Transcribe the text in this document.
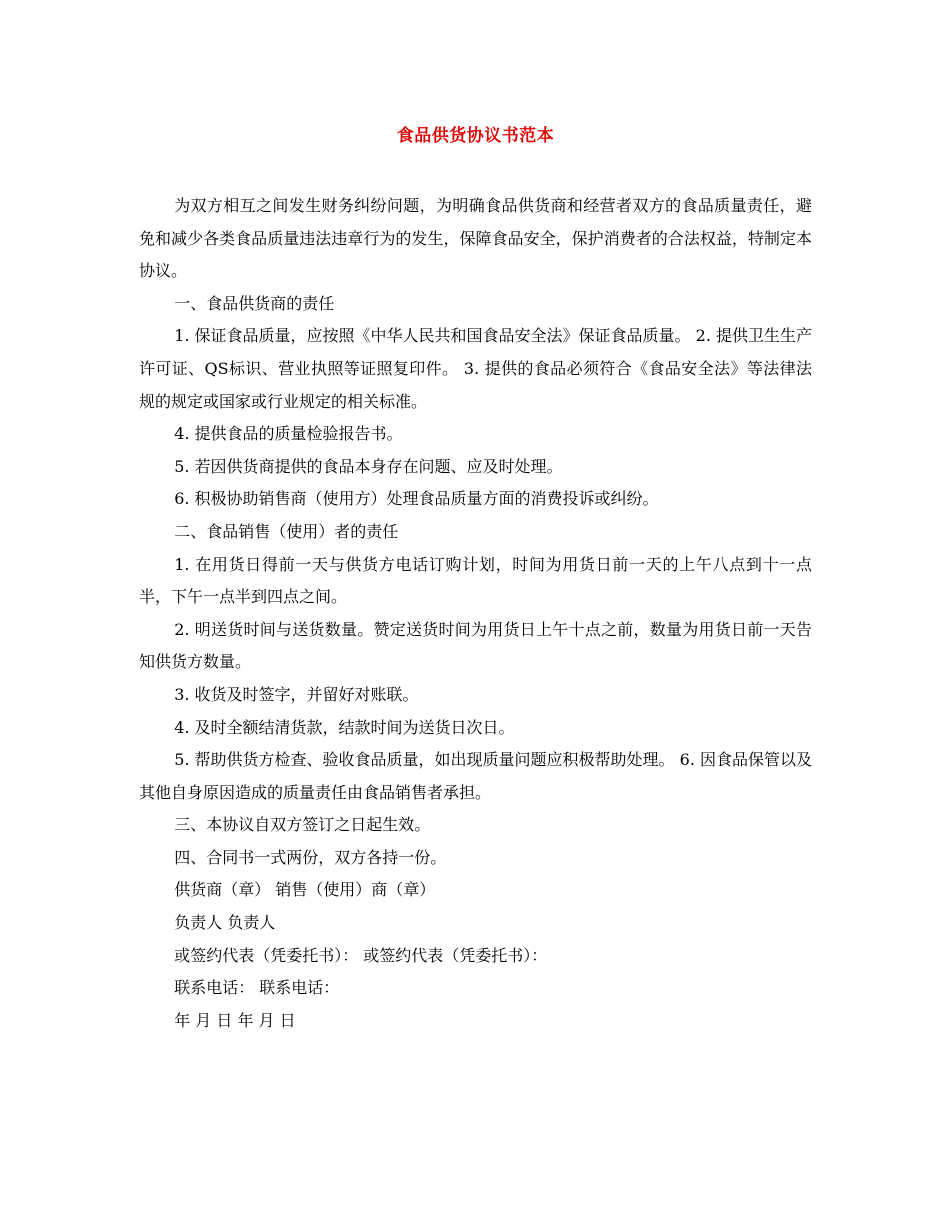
食品供货协议书范本

为双方相互之间发生财务纠纷问题，为明确食品供货商和经营者双方的食品质量责任，避免和减少各类食品质量违法违章行为的发生，保障食品安全，保护消费者的合法权益，特制定本协议。

一、食品供货商的责任

1. 保证食品质量，应按照《中华人民共和国食品安全法》保证食品质量。 2. 提供卫生生产许可证、QS标识、营业执照等证照复印件。 3. 提供的食品必须符合《食品安全法》等法律法规的规定或国家或行业规定的相关标准。

4. 提供食品的质量检验报告书。

5. 若因供货商提供的食品本身存在问题、应及时处理。

6. 积极协助销售商（使用方）处理食品质量方面的消费投诉或纠纷。

二、食品销售（使用）者的责任

1. 在用货日得前一天与供货方电话订购计划，时间为用货日前一天的上午八点到十一点半，下午一点半到四点之间。

2. 明送货时间与送货数量。赞定送货时间为用货日上午十点之前，数量为用货日前一天告知供货方数量。

3. 收货及时签字，并留好对账联。

4. 及时全额结清货款，结款时间为送货日次日。

5. 帮助供货方检查、验收食品质量，如出现质量问题应积极帮助处理。 6. 因食品保管以及其他自身原因造成的质量责任由食品销售者承担。

三、本协议自双方签订之日起生效。

四、合同书一式两份，双方各持一份。

供货商（章） 销售（使用）商（章）

负责人 负责人

或签约代表（凭委托书）： 或签约代表（凭委托书）：

联系电话： 联系电话：

年 月 日 年 月 日
